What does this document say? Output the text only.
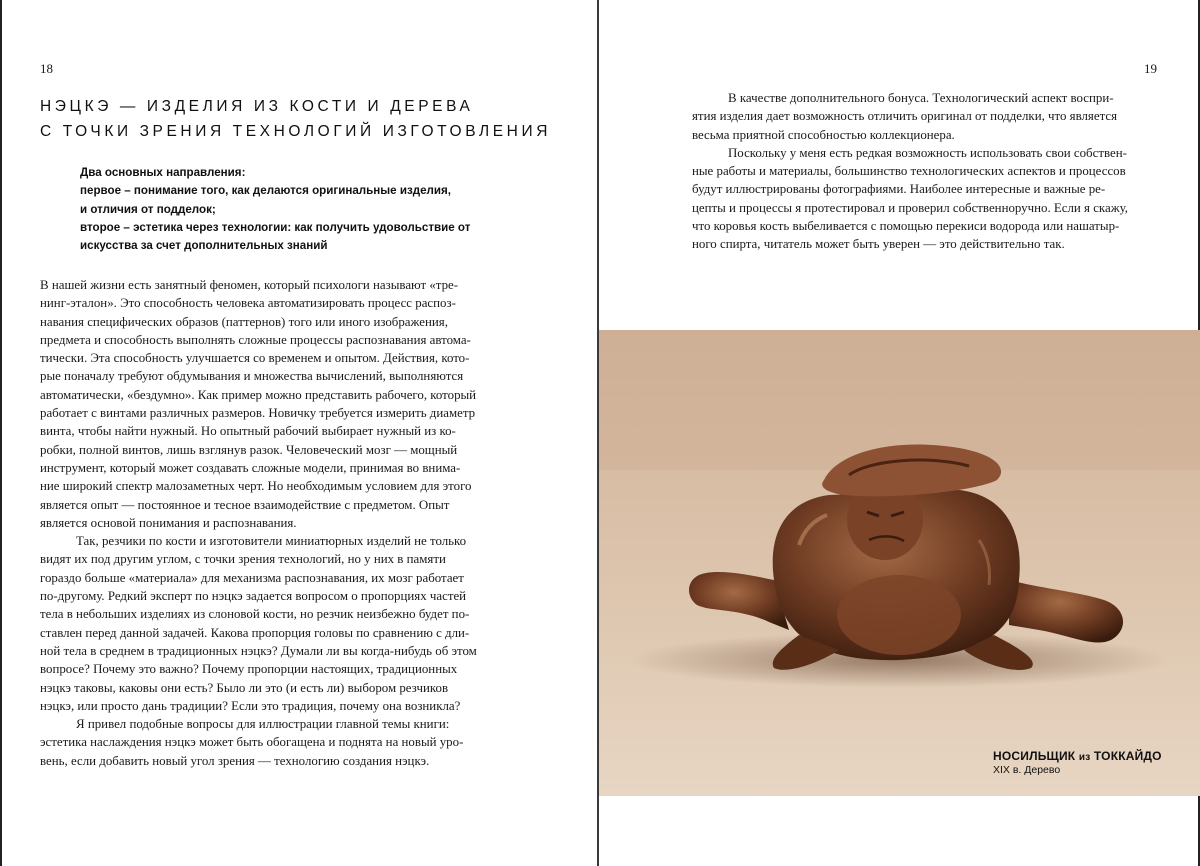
18
НЭЦКЭ — ИЗДЕЛИЯ ИЗ КОСТИ И ДЕРЕВА
С ТОЧКИ ЗРЕНИЯ ТЕХНОЛОГИЙ ИЗГОТОВЛЕНИЯ
Два основных направления:
первое – понимание того, как делаются оригинальные изделия,
и отличия от подделок;
второе – эстетика через технологии: как получить удовольствие от
искусства за счет дополнительных знаний
В нашей жизни есть занятный феномен, который психологи называют «тре-
нинг-эталон». Это способность человека автоматизировать процесс распоз-
навания специфических образов (паттернов) того или иного изображения,
предмета и способность выполнять сложные процессы распознавания автома-
тически. Эта способность улучшается со временем и опытом. Действия, кото-
рые поначалу требуют обдумывания и множества вычислений, выполняются
автоматически, «бездумно». Как пример можно представить рабочего, который
работает с винтами различных размеров. Новичку требуется измерить диаметр
винта, чтобы найти нужный. Но опытный рабочий выбирает нужный из ко-
робки, полной винтов, лишь взглянув разок. Человеческий мозг — мощный
инструмент, который может создавать сложные модели, принимая во внима-
ние широкий спектр малозаметных черт. Но необходимым условием для этого
является опыт — постоянное и тесное взаимодействие с предметом. Опыт
является основой понимания и распознавания.
Так, резчики по кости и изготовители миниатюрных изделий не только
видят их под другим углом, с точки зрения технологий, но у них в памяти
гораздо больше «материала» для механизма распознавания, их мозг работает
по-другому. Редкий эксперт по нэцкэ задается вопросом о пропорциях частей
тела в небольших изделиях из слоновой кости, но резчик неизбежно будет по-
ставлен перед данной задачей. Какова пропорция головы по сравнению с дли-
ной тела в среднем в традиционных нэцкэ? Думали ли вы когда-нибудь об этом
вопросе? Почему это важно? Почему пропорции настоящих, традиционных
нэцкэ таковы, каковы они есть? Было ли это (и есть ли) выбором резчиков
нэцкэ, или просто дань традиции? Если это традиция, почему она возникла?
Я привел подобные вопросы для иллюстрации главной темы книги:
эстетика наслаждения нэцкэ может быть обогащена и поднята на новый уро-
вень, если добавить новый угол зрения — технологию создания нэцкэ.
19
В качестве дополнительного бонуса. Технологический аспект воспри-
ятия изделия дает возможность отличить оригинал от подделки, что является
весьма приятной способностью коллекционера.
Поскольку у меня есть редкая возможность использовать свои собствен-
ные работы и материалы, большинство технологических аспектов и процессов
будут иллюстрированы фотографиями. Наиболее интересные и важные ре-
цепты и процессы я протестировал и проверил собственноручно. Если я скажу,
что коровья кость выбеливается с помощью перекиси водорода или нашатыр-
ного спирта, читатель может быть уверен — это действительно так.
НОСИЛЬЩИК из ТОККАЙДО
XIX в. Дерево
